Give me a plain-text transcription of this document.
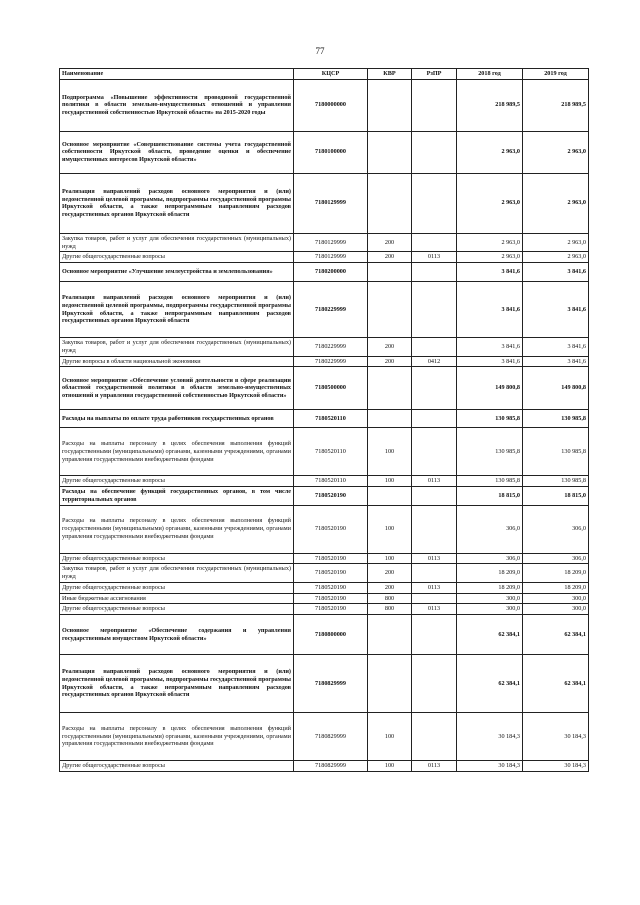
77
Наименование	КЦСР	КВР	РзПР	2018 год	2019 год
Подпрограмма «Повышение эффективности проводимой государственной политики в области земельно-имущественных отношений и управления государственной собственностью Иркутской области» на 2015-2020 годы	7180000000			218 989,5	218 989,5
Основное мероприятие «Совершенствование системы учета государственной собственности Иркутской области, проведение оценки и обеспечение имущественных интересов Иркутской области»	7180100000			2 963,0	2 963,0
Реализация направлений расходов основного мероприятия и (или) ведомственной целевой программы, подпрограммы государственной программы Иркутской области, а также непрограммным направлениям расходов государственных органов Иркутской области	7180129999			2 963,0	2 963,0
Закупка товаров, работ и услуг для обеспечения государственных (муниципальных) нужд	7180129999	200		2 963,0	2 963,0
Другие общегосударственные вопросы	7180129999	200	0113	2 963,0	2 963,0
Основное мероприятие «Улучшение землеустройства и землепользования»	7180200000			3 841,6	3 841,6
Реализация направлений расходов основного мероприятия и (или) ведомственной целевой программы, подпрограммы государственной программы Иркутской области, а также непрограммным направлениям расходов государственных органов Иркутской области	7180229999			3 841,6	3 841,6
Закупка товаров, работ и услуг для обеспечения государственных (муниципальных) нужд	7180229999	200		3 841,6	3 841,6
Другие вопросы в области национальной экономики	7180229999	200	0412	3 841,6	3 841,6
Основное мероприятие «Обеспечение условий деятельности в сфере реализации областной государственной политики в области земельно-имущественных отношений и управления государственной собственностью Иркутской области»	7180500000			149 800,8	149 800,8
Расходы на выплаты по оплате труда работников государственных органов	7180520110			130 985,8	130 985,8
Расходы на выплаты персоналу в целях обеспечения выполнения функций государственными (муниципальными) органами, казенными учреждениями, органами управления государственными внебюджетными фондами	7180520110	100		130 985,8	130 985,8
Другие общегосударственные вопросы	7180520110	100	0113	130 985,8	130 985,8
Расходы на обеспечение функций государственных органов, в том числе территориальных органов	7180520190			18 815,0	18 815,0
Расходы на выплаты персоналу в целях обеспечения выполнения функций государственными (муниципальными) органами, казенными учреждениями, органами управления государственными внебюджетными фондами	7180520190	100		306,0	306,0
Другие общегосударственные вопросы	7180520190	100	0113	306,0	306,0
Закупка товаров, работ и услуг для обеспечения государственных (муниципальных) нужд	7180520190	200		18 209,0	18 209,0
Другие общегосударственные вопросы	7180520190	200	0113	18 209,0	18 209,0
Иные бюджетные ассигнования	7180520190	800		300,0	300,0
Другие общегосударственные вопросы	7180520190	800	0113	300,0	300,0
Основное мероприятие «Обеспечение содержания и управления государственным имуществом Иркутской области»	7180800000			62 384,1	62 384,1
Реализация направлений расходов основного мероприятия и (или) ведомственной целевой программы, подпрограммы государственной программы Иркутской области, а также непрограммным направлениям расходов государственных органов Иркутской области	7180829999			62 384,1	62 384,1
Расходы на выплаты персоналу в целях обеспечения выполнения функций государственными (муниципальными) органами, казенными учреждениями, органами управления государственными внебюджетными фондами	7180829999	100		30 184,3	30 184,3
Другие общегосударственные вопросы	7180829999	100	0113	30 184,3	30 184,3
